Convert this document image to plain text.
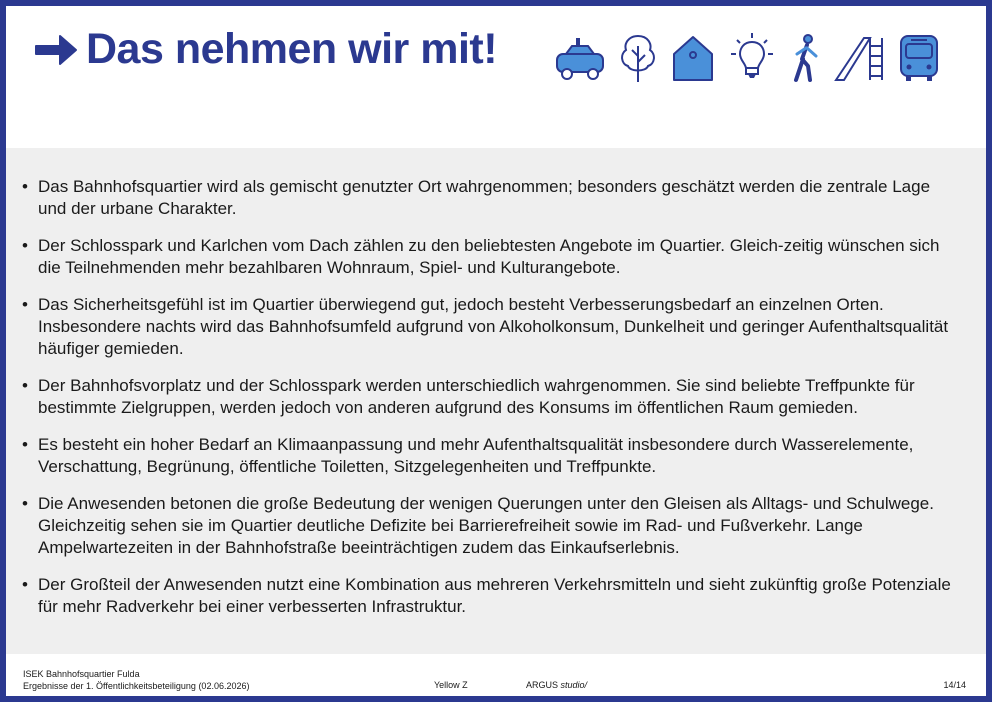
Das nehmen wir mit!
• Das Bahnhofsquartier wird als gemischt genutzter Ort wahrgenommen; besonders geschätzt werden die zentrale Lage und der urbane Charakter.
• Der Schlosspark und Karlchen vom Dach zählen zu den beliebtesten Angebote im Quartier. Gleich-zeitig wünschen sich die Teilnehmenden mehr bezahlbaren Wohnraum, Spiel- und Kulturangebote.
• Das Sicherheitsgefühl ist im Quartier überwiegend gut, jedoch besteht Verbesserungsbedarf an einzelnen Orten. Insbesondere nachts wird das Bahnhofsumfeld aufgrund von Alkoholkonsum, Dunkelheit und geringer Aufenthaltsqualität häufiger gemieden.
• Der Bahnhofsvorplatz und der Schlosspark werden unterschiedlich wahrgenommen. Sie sind beliebte Treffpunkte für bestimmte Zielgruppen, werden jedoch von anderen aufgrund des Konsums im öffentlichen Raum gemieden.
• Es besteht ein hoher Bedarf an Klimaanpassung und mehr Aufenthaltsqualität insbesondere durch Wasserelemente, Verschattung, Begrünung, öffentliche Toiletten, Sitzgelegenheiten und Treffpunkte.
• Die Anwesenden betonen die große Bedeutung der wenigen Querungen unter den Gleisen als Alltags- und Schulwege. Gleichzeitig sehen sie im Quartier deutliche Defizite bei Barrierefreiheit sowie im Rad- und Fußverkehr. Lange Ampelwartezeiten in der Bahnhofstraße beeinträchtigen zudem das Einkaufserlebnis.
• Der Großteil der Anwesenden nutzt eine Kombination aus mehreren Verkehrsmitteln und sieht zukünftig große Potenziale für mehr Radverkehr bei einer verbesserten Infrastruktur.
ISEK Bahnhofsquartier Fulda
Ergebnisse der 1. Öffentlichkeitsbeteiligung (02.06.2026)	Yellow Z	ARGUS studio/	14/14
